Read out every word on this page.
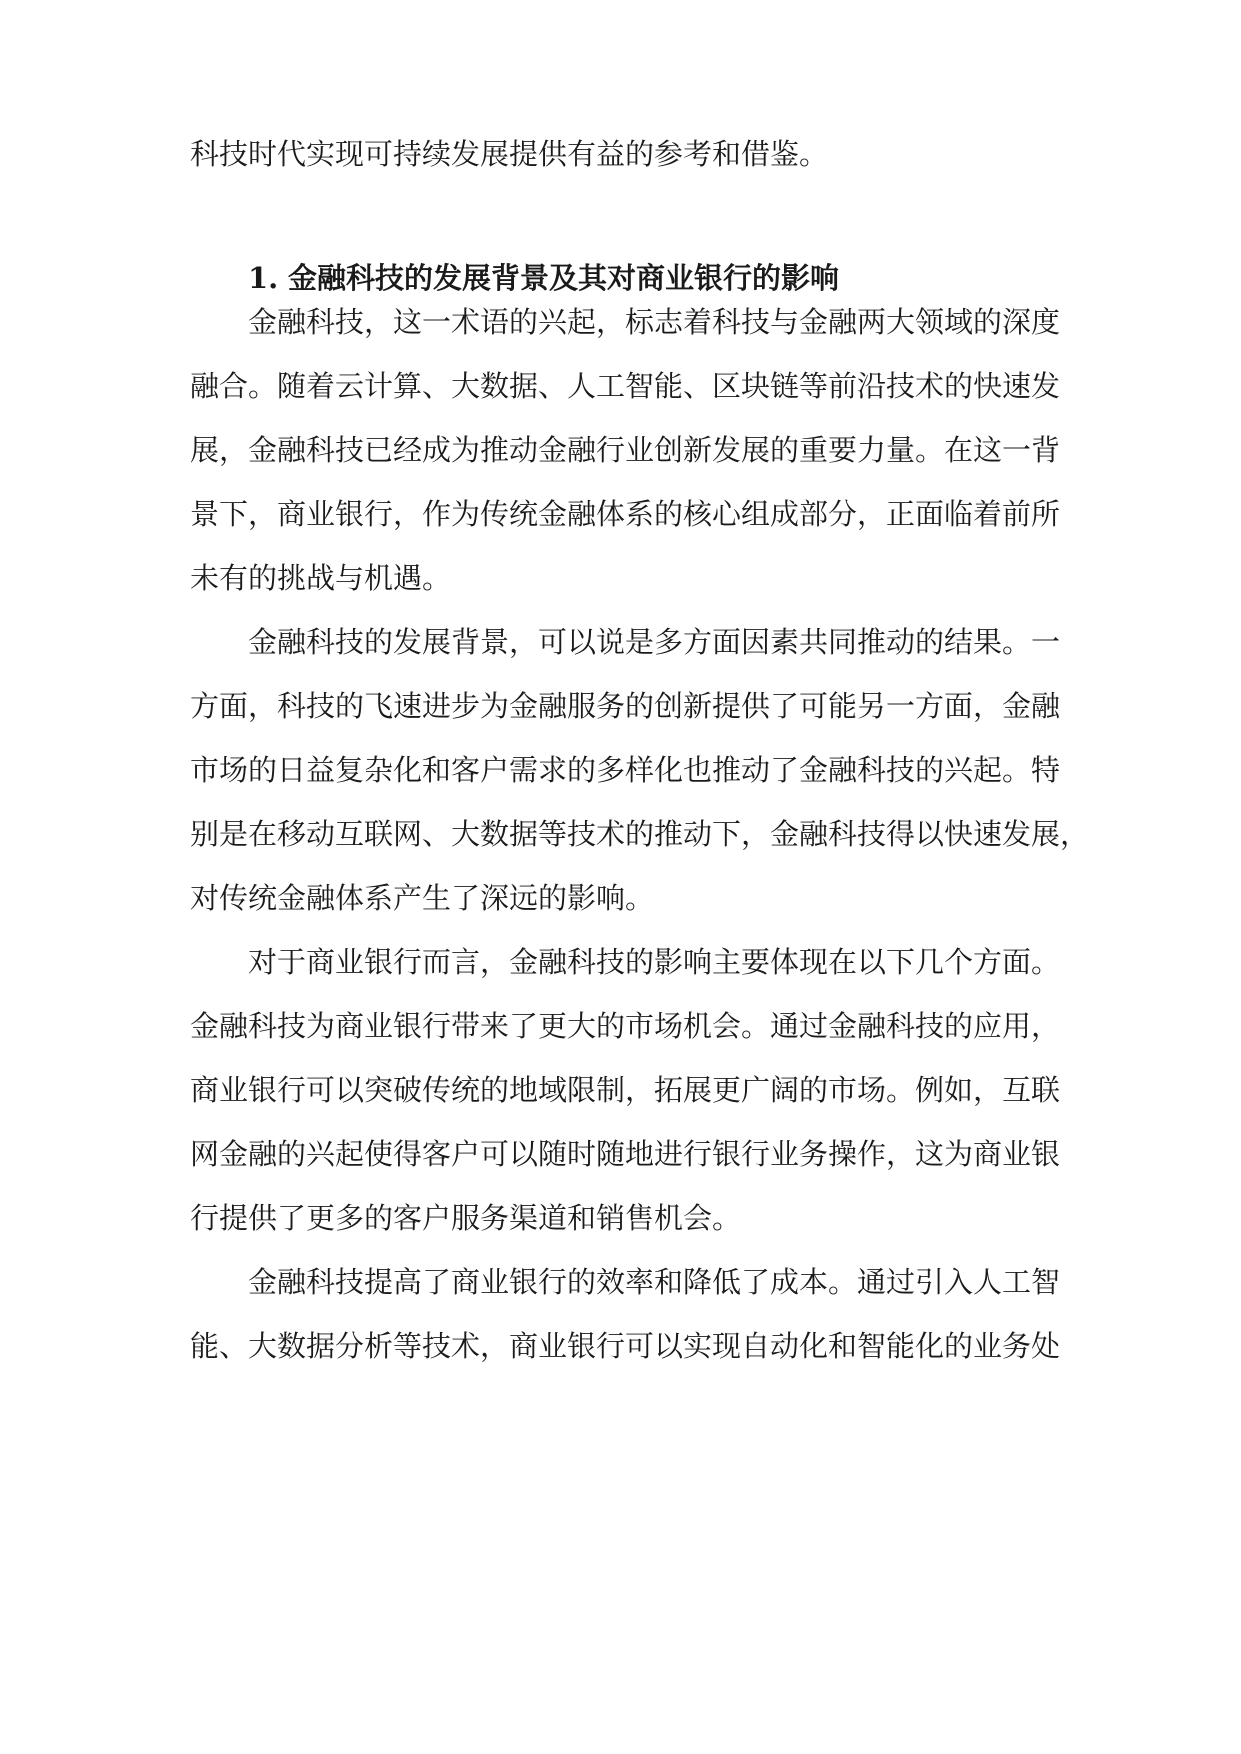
科技时代实现可持续发展提供有益的参考和借鉴。

1. 金融科技的发展背景及其对商业银行的影响

金融科技，这一术语的兴起，标志着科技与金融两大领域的深度

融合。随着云计算、大数据、人工智能、区块链等前沿技术的快速发

展，金融科技已经成为推动金融行业创新发展的重要力量。在这一背

景下，商业银行，作为传统金融体系的核心组成部分，正面临着前所

未有的挑战与机遇。

金融科技的发展背景，可以说是多方面因素共同推动的结果。一

方面，科技的飞速进步为金融服务的创新提供了可能另一方面，金融

市场的日益复杂化和客户需求的多样化也推动了金融科技的兴起。特

别是在移动互联网、大数据等技术的推动下，金融科技得以快速发展，

对传统金融体系产生了深远的影响。

对于商业银行而言，金融科技的影响主要体现在以下几个方面。

金融科技为商业银行带来了更大的市场机会。通过金融科技的应用，

商业银行可以突破传统的地域限制，拓展更广阔的市场。例如，互联

网金融的兴起使得客户可以随时随地进行银行业务操作，这为商业银

行提供了更多的客户服务渠道和销售机会。

金融科技提高了商业银行的效率和降低了成本。通过引入人工智

能、大数据分析等技术，商业银行可以实现自动化和智能化的业务处
